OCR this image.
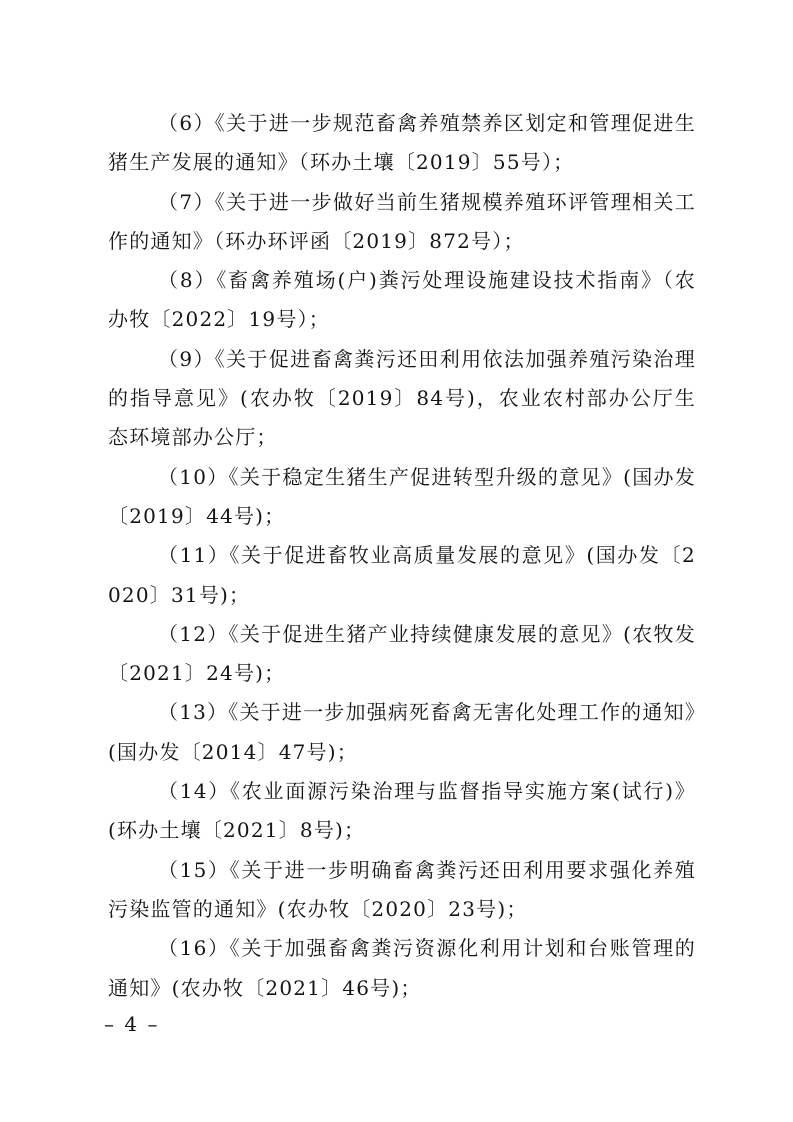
（6）《关于进一步规范畜禽养殖禁养区划定和管理促进生猪生产发展的通知》（环办土壤〔2019〕55号）；

（7）《关于进一步做好当前生猪规模养殖环评管理相关工作的通知》（环办环评函〔2019〕872号）；

（8）《畜禽养殖场(户)粪污处理设施建设技术指南》（农办牧〔2022〕19号）；

（9）《关于促进畜禽粪污还田利用依法加强养殖污染治理的指导意见》(农办牧〔2019〕84号)，农业农村部办公厅生态环境部办公厅；

（10）《关于稳定生猪生产促进转型升级的意见》(国办发〔2019〕44号)；

（11）《关于促进畜牧业高质量发展的意见》(国办发〔2020〕31号)；

（12）《关于促进生猪产业持续健康发展的意见》(农牧发〔2021〕24号)；

（13）《关于进一步加强病死畜禽无害化处理工作的通知》(国办发〔2014〕47号)；

（14）《农业面源污染治理与监督指导实施方案(试行)》(环办土壤〔2021〕8号)；

（15）《关于进一步明确畜禽粪污还田利用要求强化养殖污染监管的通知》(农办牧〔2020〕23号)；

（16）《关于加强畜禽粪污资源化利用计划和台账管理的通知》(农办牧〔2021〕46号)；

– 4 –
